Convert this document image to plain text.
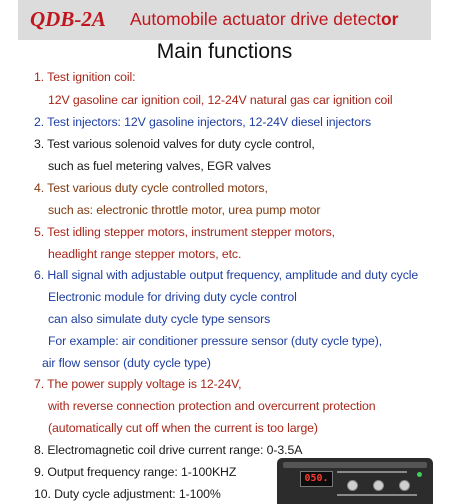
QDB-2A Automobile actuator drive detector
Main functions
1. Test ignition coil:
12V gasoline car ignition coil, 12-24V natural gas car ignition coil
2. Test injectors: 12V gasoline injectors, 12-24V diesel injectors
3. Test various solenoid valves for duty cycle control,
such as fuel metering valves, EGR valves
4. Test various duty cycle controlled motors,
such as: electronic throttle motor, urea pump motor
5. Test idling stepper motors, instrument stepper motors,
headlight range stepper motors, etc.
6. Hall signal with adjustable output frequency, amplitude and duty cycle
Electronic module for driving duty cycle control
can also simulate duty cycle type sensors
For example: air conditioner pressure sensor (duty cycle type),
air flow sensor (duty cycle type)
7. The power supply voltage is 12-24V,
with reverse connection protection and overcurrent protection
(automatically cut off when the current is too large)
8. Electromagnetic coil drive current range: 0-3.5A
9. Output frequency range: 1-100KHZ
10. Duty cycle adjustment: 1-100%
050.
